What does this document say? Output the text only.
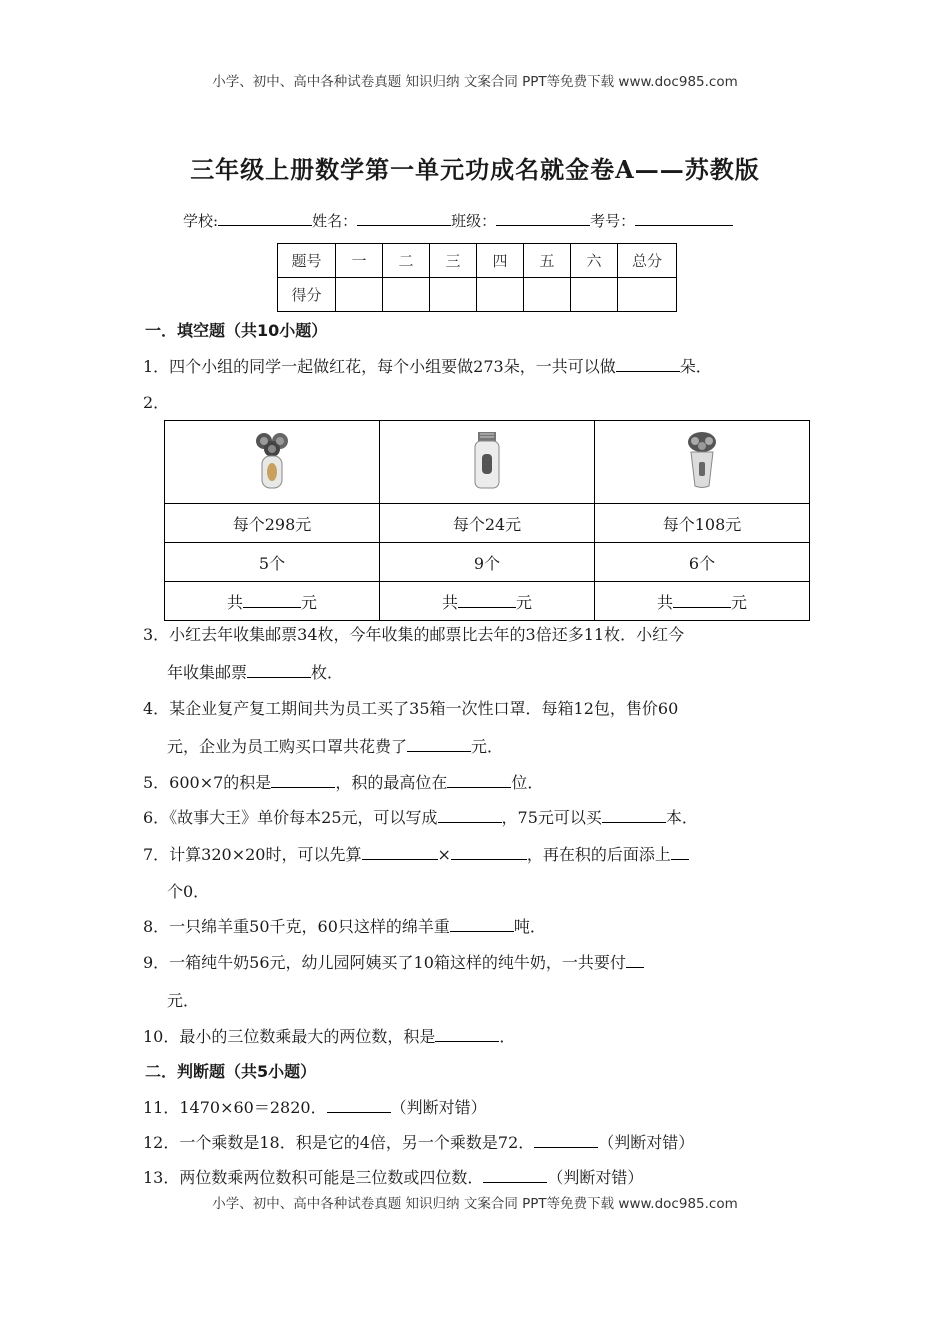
小学、初中、高中各种试卷真题 知识归纳 文案合同 PPT等免费下载 www.doc985.com
三年级上册数学第一单元功成名就金卷A——苏教版
学校:	姓名：	班级：	考号：
题号	一	二	三	四	五	六	总分
得分							
一．填空题（共10小题）
1．四个小组的同学一起做红花，每个小组要做273朵，一共可以做	朵．
2．

每个298元	每个24元	每个108元
5个	9个	6个
共 元	共 元	共 元
3．小红去年收集邮票34枚，今年收集的邮票比去年的3倍还多11枚．小红今
年收集邮票	枚．
4．某企业复产复工期间共为员工买了35箱一次性口罩．每箱12包，售价60
元，企业为员工购买口罩共花费了	元．
5．600×7的积是	，积的最高位在	位．
6．《故事大王》单价每本25元，可以写成	，75元可以买	本．
7．计算320×20时，可以先算	×	，再在积的后面添上
个0．
8．一只绵羊重50千克，60只这样的绵羊重	吨．
9．一箱纯牛奶56元，幼儿园阿姨买了10箱这样的纯牛奶，一共要付
元．
10．最小的三位数乘最大的两位数，积是	．
二．判断题（共5小题）
11．1470×60＝2820．	（判断对错）
12．一个乘数是18．积是它的4倍，另一个乘数是72．	（判断对错）
13．两位数乘两位数积可能是三位数或四位数．	（判断对错）
小学、初中、高中各种试卷真题 知识归纳 文案合同 PPT等免费下载 www.doc985.com
